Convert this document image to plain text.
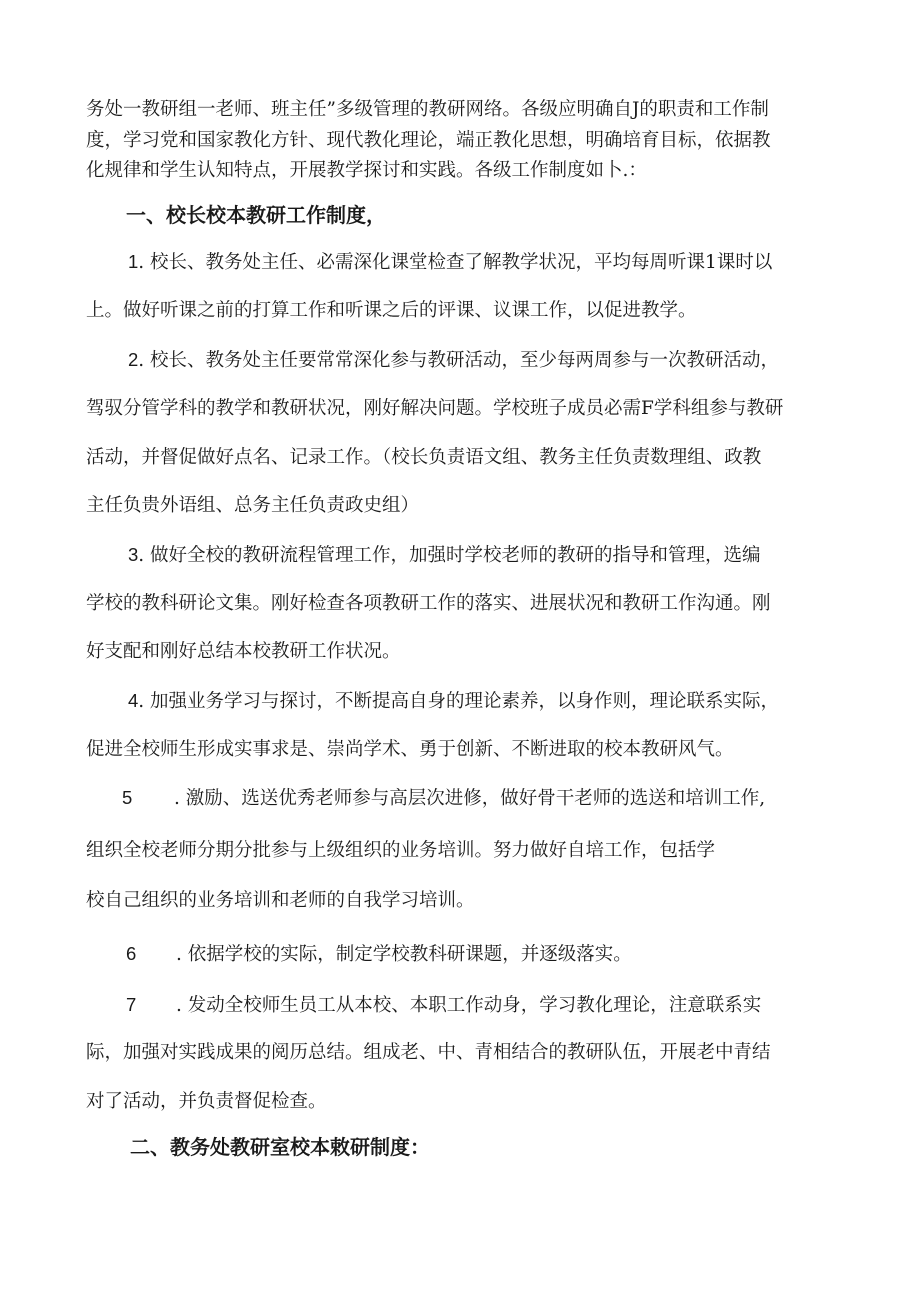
务处一教研组一老师、班主任”多级管理的教研网络。各级应明确自J的职责和工作制
度，学习党和国家教化方针、现代教化理论，端正教化思想，明确培育目标，依据教
化规律和学生认知特点，开展教学探讨和实践。各级工作制度如卜.：
一、校长校本教研工作制度，
1. 校长、教务处主任、必需深化课堂检查了解教学状况，平均每周听课1课时以
上。做好听课之前的打算工作和听课之后的评课、议课工作，以促进教学。
2. 校长、教务处主任要常常深化参与教研活动，至少每两周参与一次教研活动，
驾驭分管学科的教学和教研状况，刚好解决问题。学校班子成员必需F学科组参与教研
活动，并督促做好点名、记录工作。（校长负责语文组、教务主任负责数理组、政教
主任负贵外语组、总务主任负责政史组）
3. 做好全校的教研流程管理工作，加强时学校老师的教研的指导和管理，选编
学校的教科研论文集。刚好检查各项教研工作的落实、进展状况和教研工作沟通。刚
好支配和刚好总结本校教研工作状况。
4. 加强业务学习与探讨，不断提高自身的理论素养，以身作则，理论联系实际，
促进全校师生形成实事求是、崇尚学术、勇于创新、不断进取的校本教研风气。
5 . 激励、选送优秀老师参与高层次进修，做好骨干老师的选送和培训工作,
组织全校老师分期分批参与上级组织的业务培训。努力做好自培工作，包括学
校自己组织的业务培训和老师的自我学习培训。
6 . 依据学校的实际，制定学校教科研课题，并逐级落实。
7 . 发动全校师生员工从本校、本职工作动身，学习教化理论，注意联系实
际，加强对实践成果的阅历总结。组成老、中、青相结合的教研队伍，开展老中青结
对了活动，并负责督促检查。
二、教务处教研室校本敕研制度：
